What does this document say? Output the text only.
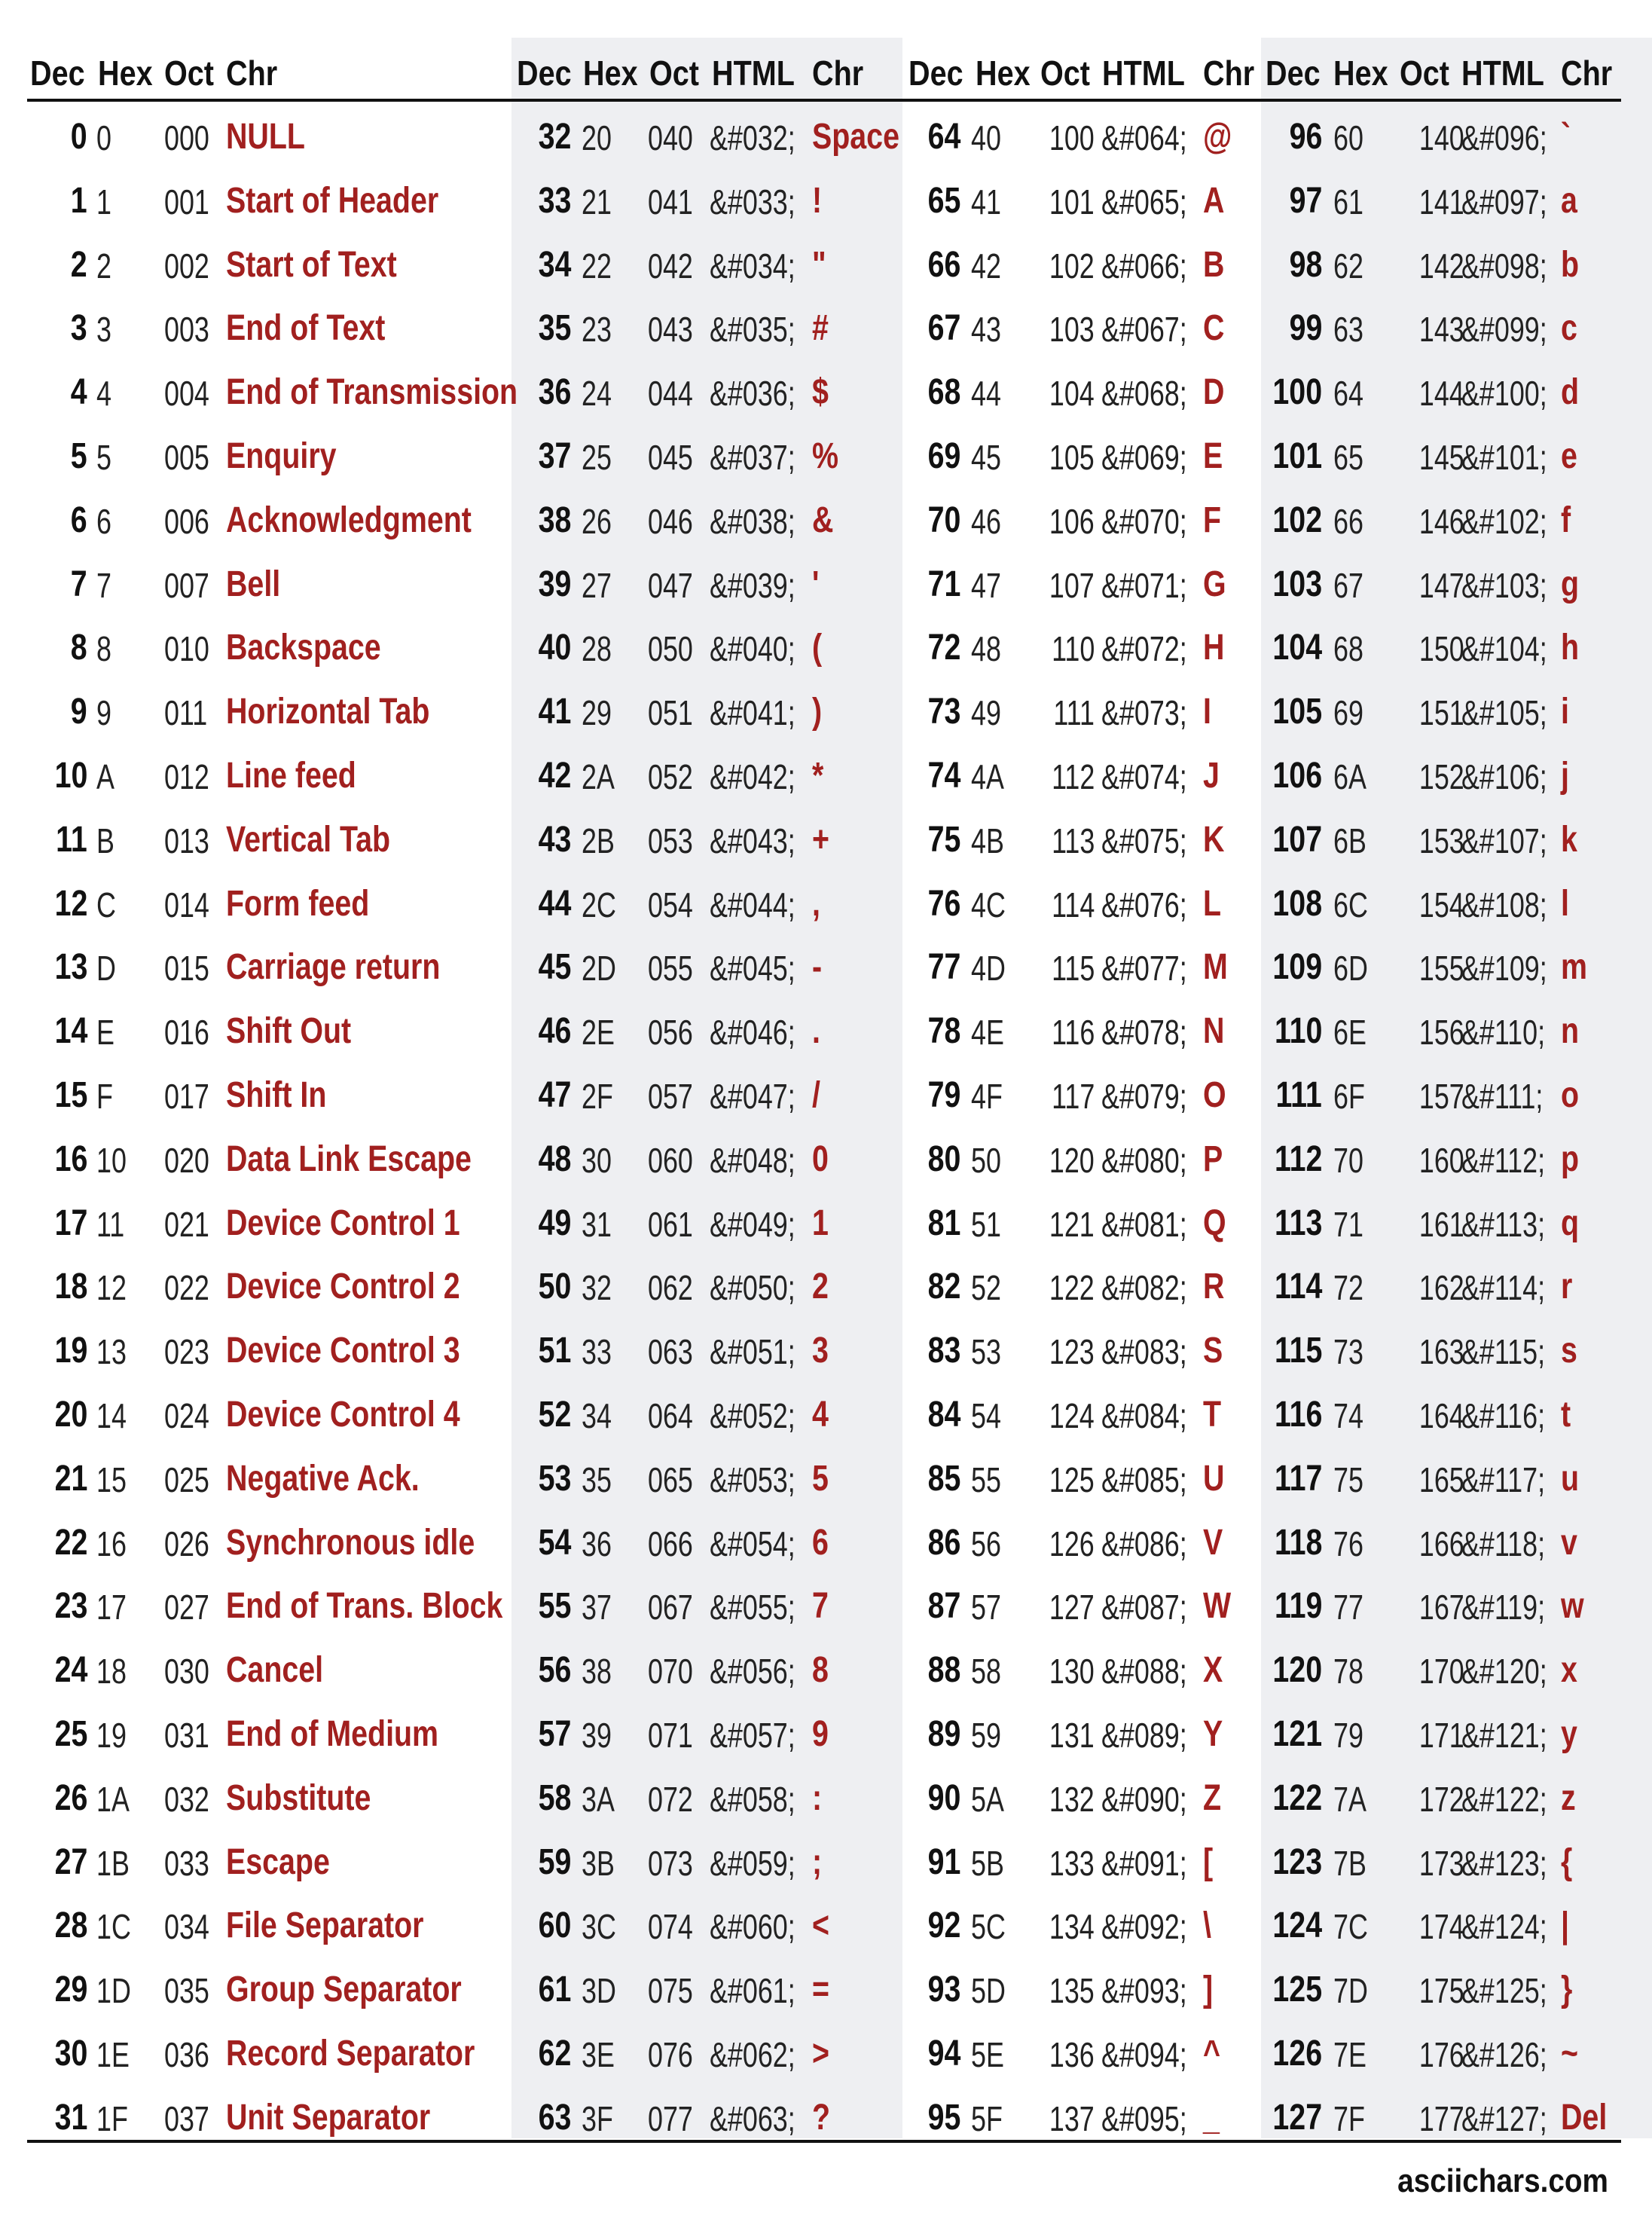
Dec Hex Oct Chr	Dec Hex Oct HTML Chr Dec Hex Oct HTML Chr Dec Hex Oct HTML Chr
0 0 000 NULL
1 1 001 Start of Header
2 2 002 Start of Text
3 3 003 End of Text
4 4 004 End of Transmission
5 5 005 Enquiry
6 6 006 Acknowledgment
7 7 007 Bell
8 8 010 Backspace
9 9 011 Horizontal Tab
10 A 012 Line feed
11 B 013 Vertical Tab
12 C 014 Form feed
13 D 015 Carriage return
14 E 016 Shift Out
15 F 017 Shift In
16 10 020 Data Link Escape
17 11 021 Device Control 1
18 12 022 Device Control 2
19 13 023 Device Control 3
20 14 024 Device Control 4
21 15 025 Negative Ack.
22 16 026 Synchronous idle
23 17 027 End of Trans. Block
24 18 030 Cancel
25 19 031 End of Medium
26 1A 032 Substitute
27 1B 033 Escape
28 1C 034 File Separator
29 1D 035 Group Separator
30 1E 036 Record Separator
31 1F 037 Unit Separator
32 20 040 &#032; Space
33 21 041 &#033; !
34 22 042 &#034; "
35 23 043 &#035; #
36 24 044 &#036; $
37 25 045 &#037; %
38 26 046 &#038; &
39 27 047 &#039; '
40 28 050 &#040; (
41 29 051 &#041; )
42 2A 052 &#042; *
43 2B 053 &#043; +
44 2C 054 &#044; ,
45 2D 055 &#045; -
46 2E 056 &#046; .
47 2F 057 &#047; /
48 30 060 &#048; 0
49 31 061 &#049; 1
50 32 062 &#050; 2
51 33 063 &#051; 3
52 34 064 &#052; 4
53 35 065 &#053; 5
54 36 066 &#054; 6
55 37 067 &#055; 7
56 38 070 &#056; 8
57 39 071 &#057; 9
58 3A 072 &#058; :
59 3B 073 &#059; ;
60 3C 074 &#060; <
61 3D 075 &#061; =
62 3E 076 &#062; >
63 3F 077 &#063; ?
64 40 100 &#064; @
65 41 101 &#065; A
66 42 102 &#066; B
67 43 103 &#067; C
68 44 104 &#068; D
69 45 105 &#069; E
70 46 106 &#070; F
71 47 107 &#071; G
72 48 110 &#072; H
73 49 111 &#073; I
74 4A 112 &#074; J
75 4B 113 &#075; K
76 4C 114 &#076; L
77 4D 115 &#077; M
78 4E 116 &#078; N
79 4F 117 &#079; O
80 50 120 &#080; P
81 51 121 &#081; Q
82 52 122 &#082; R
83 53 123 &#083; S
84 54 124 &#084; T
85 55 125 &#085; U
86 56 126 &#086; V
87 57 127 &#087; W
88 58 130 &#088; X
89 59 131 &#089; Y
90 5A 132 &#090; Z
91 5B 133 &#091; [
92 5C 134 &#092; \
93 5D 135 &#093; ]
94 5E 136 &#094; ^
95 5F 137 &#095; _
96 60 140
&#096; `
97 61 141
&#097; a
98 62 142
&#098; b
99 63 143
&#099; c
100 64 144
&#100; d
101 65 145
&#101; e
102 66 146
&#102; f
103 67 147
&#103; g
104 68 150
&#104; h
105 69 151
&#105; i
106 6A 152
&#106; j
107 6B 153
&#107; k
108 6C 154
&#108; l
109 6D 155
&#109; m
110 6E 156
&#110; n
111 6F 157
&#111; o
112 70 160
&#112; p
113 71 161
&#113; q
114 72 162
&#114; r
115 73 163
&#115; s
116 74 164
&#116; t
117 75 165
&#117; u
118 76 166
&#118; v
119 77 167
&#119; w
120 78 170
&#120; x
121 79 171
&#121; y
122 7A 172
&#122; z
123 7B 173
&#123; {
124 7C 174
&#124; |
125 7D 175
&#125; }
126 7E 176
&#126; ~
127 7F 177
&#127; Del
asciichars.com
